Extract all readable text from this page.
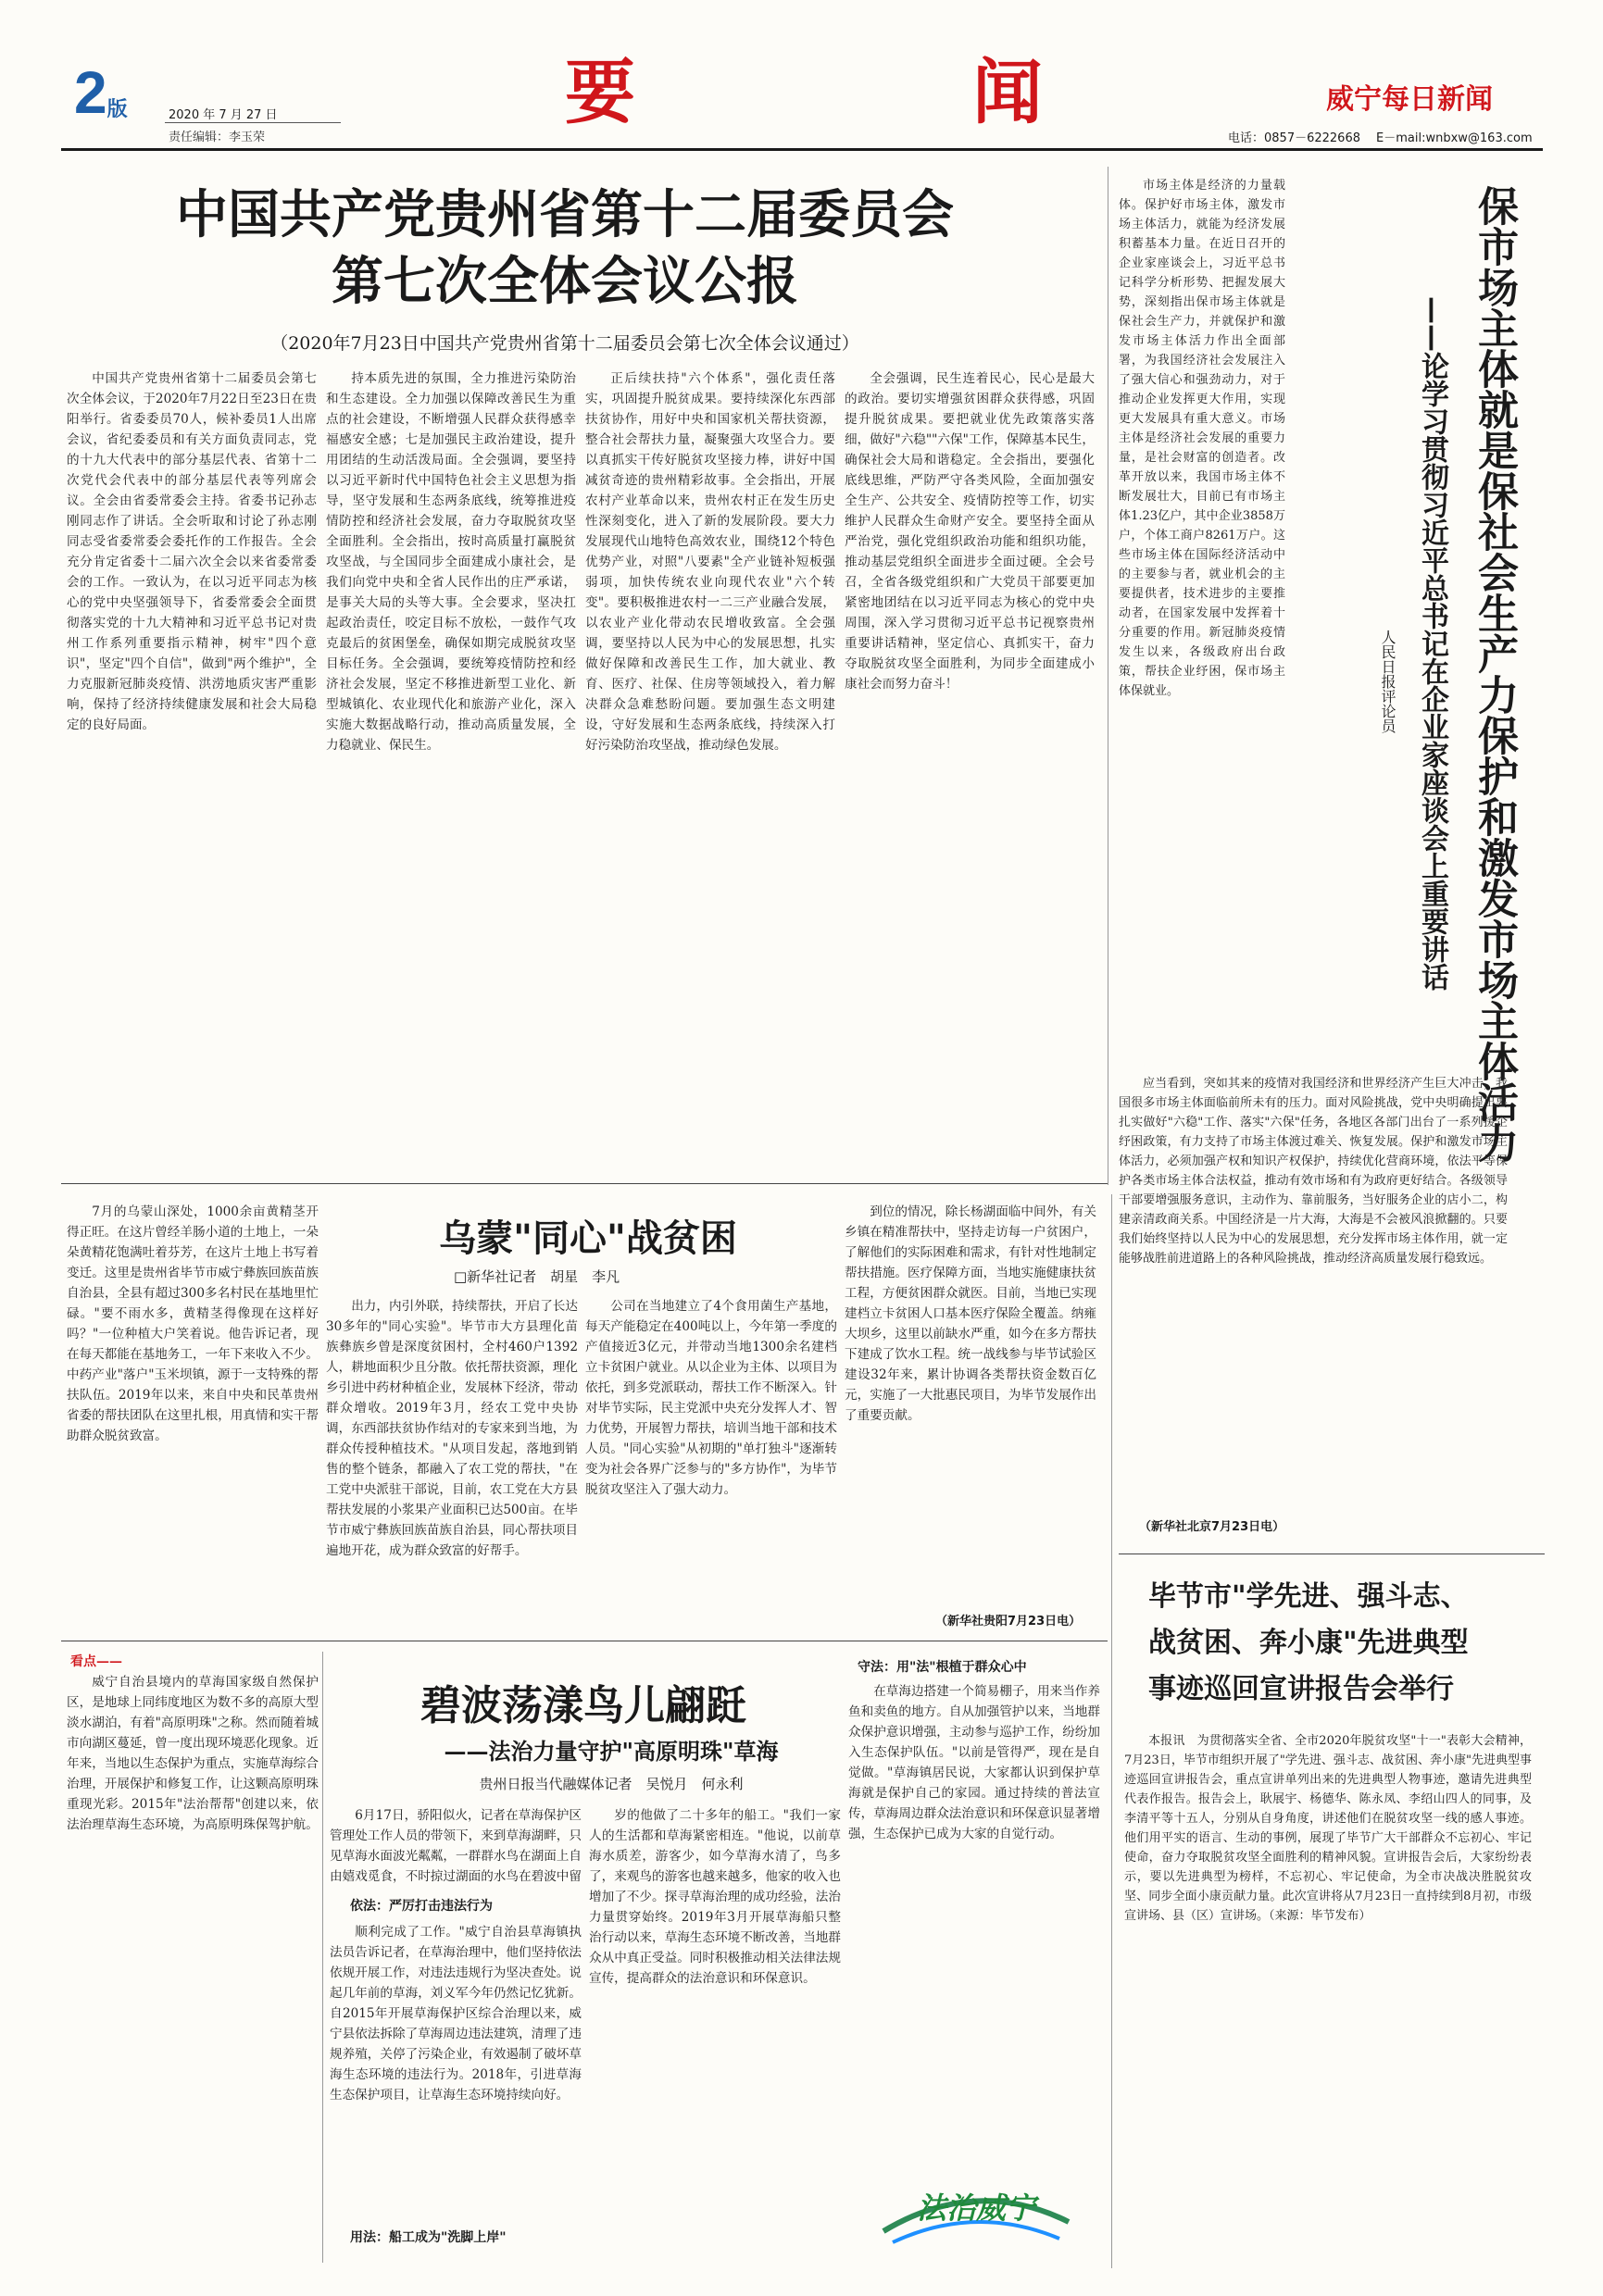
2版	2020 年 7 月 27 日
责任编辑：李玉荣
要	闻	威宁每日新闻
电话：0857－6222668 E－mail:wnbxw@163.com
中国共产党贵州省第十二届委员会
第七次全体会议公报
（2020年7月23日中国共产党贵州省第十二届委员会第七次全体会议通过）

中国共产党贵州省第十二届委员会第七次全体会议，于2020年7月22日至23日在贵阳举行。省委委员70人，候补委员1人出席会议，省纪委委员和有关方面负责同志，党的十九大代表中的部分基层代表、省第十二次党代会代表中的部分基层代表等列席会议。全会由省委常委会主持。省委书记孙志刚同志作了讲话。全会听取和讨论了孙志刚同志受省委常委会委托作的工作报告。全会充分肯定省委十二届六次全会以来省委常委会的工作。一致认为，在以习近平同志为核心的党中央坚强领导下，省委常委会全面贯彻落实党的十九大精神和习近平总书记对贵州工作系列重要指示精神，树牢"四个意识"，坚定"四个自信"，做到"两个维护"，全力克服新冠肺炎疫情、洪涝地质灾害严重影响，保持了经济持续健康发展和社会大局稳定的良好局面。

持本质先进的氛围，全力推进污染防治和生态建设。全力加强以保障改善民生为重点的社会建设，不断增强人民群众获得感幸福感安全感；七是加强民主政治建设，提升用团结的生动活泼局面。全会强调，要坚持以习近平新时代中国特色社会主义思想为指导，坚守发展和生态两条底线，统筹推进疫情防控和经济社会发展，奋力夺取脱贫攻坚全面胜利。全会指出，按时高质量打赢脱贫攻坚战，与全国同步全面建成小康社会，是我们向党中央和全省人民作出的庄严承诺，是事关大局的头等大事。全会要求，坚决扛起政治责任，咬定目标不放松，一鼓作气攻克最后的贫困堡垒，确保如期完成脱贫攻坚目标任务。全会强调，要统筹疫情防控和经济社会发展，坚定不移推进新型工业化、新型城镇化、农业现代化和旅游产业化，深入实施大数据战略行动，推动高质量发展，全力稳就业、保民生。

正后续扶持"六个体系"，强化责任落实，巩固提升脱贫成果。要持续深化东西部扶贫协作，用好中央和国家机关帮扶资源，整合社会帮扶力量，凝聚强大攻坚合力。要以真抓实干传好脱贫攻坚接力棒，讲好中国减贫奇迹的贵州精彩故事。全会指出，开展农村产业革命以来，贵州农村正在发生历史性深刻变化，进入了新的发展阶段。要大力发展现代山地特色高效农业，围绕12个特色优势产业，对照"八要素"全产业链补短板强弱项，加快传统农业向现代农业"六个转变"。要积极推进农村一二三产业融合发展，以农业产业化带动农民增收致富。全会强调，要坚持以人民为中心的发展思想，扎实做好保障和改善民生工作，加大就业、教育、医疗、社保、住房等领域投入，着力解决群众急难愁盼问题。要加强生态文明建设，守好发展和生态两条底线，持续深入打好污染防治攻坚战，推动绿色发展。

全会强调，民生连着民心，民心是最大的政治。要切实增强贫困群众获得感，巩固提升脱贫成果。要把就业优先政策落实落细，做好"六稳""六保"工作，保障基本民生，确保社会大局和谐稳定。全会指出，要强化底线思维，严防严守各类风险，全面加强安全生产、公共安全、疫情防控等工作，切实维护人民群众生命财产安全。要坚持全面从严治党，强化党组织政治功能和组织功能，推动基层党组织全面进步全面过硬。全会号召，全省各级党组织和广大党员干部要更加紧密地团结在以习近平同志为核心的党中央周围，深入学习贯彻习近平总书记视察贵州重要讲话精神，坚定信心、真抓实干，奋力夺取脱贫攻坚全面胜利，为同步全面建成小康社会而努力奋斗！

市场主体是经济的力量载体。保护好市场主体，激发市场主体活力，就能为经济发展积蓄基本力量。在近日召开的企业家座谈会上，习近平总书记科学分析形势、把握发展大势，深刻指出保市场主体就是保社会生产力，并就保护和激发市场主体活力作出全面部署，为我国经济社会发展注入了强大信心和强劲动力，对于推动企业发挥更大作用，实现更大发展具有重大意义。市场主体是经济社会发展的重要力量，是社会财富的创造者。改革开放以来，我国市场主体不断发展壮大，目前已有市场主体1.23亿户，其中企业3858万户，个体工商户8261万户。这些市场主体在国际经济活动中的主要参与者，就业机会的主要提供者，技术进步的主要推动者，在国家发展中发挥着十分重要的作用。新冠肺炎疫情发生以来，各级政府出台政策，帮扶企业纾困，保市场主体保就业。	保市场主体就是保社会生产力保护和激发市场主体活力
——论学习贯彻习近平总书记在企业家座谈会上重要讲话
人民日报评论员

应当看到，突如其来的疫情对我国经济和世界经济产生巨大冲击，我国很多市场主体面临前所未有的压力。面对风险挑战，党中央明确提出要扎实做好"六稳"工作、落实"六保"任务，各地区各部门出台了一系列援企纾困政策，有力支持了市场主体渡过难关、恢复发展。保护和激发市场主体活力，必须加强产权和知识产权保护，持续优化营商环境，依法平等保护各类市场主体合法权益，推动有效市场和有为政府更好结合。各级领导干部要增强服务意识，主动作为、靠前服务，当好服务企业的店小二，构建亲清政商关系。中国经济是一片大海，大海是不会被风浪掀翻的。只要我们始终坚持以人民为中心的发展思想，充分发挥市场主体作用，就一定能够战胜前进道路上的各种风险挑战，推动经济高质量发展行稳致远。

（新华社北京7月23日电）
毕节市"学先进、强斗志、
战贫困、奔小康"先进典型
事迹巡回宣讲报告会举行

本报讯　为贯彻落实全省、全市2020年脱贫攻坚"十一"表彰大会精神，7月23日，毕节市组织开展了"学先进、强斗志、战贫困、奔小康"先进典型事迹巡回宣讲报告会，重点宣讲单列出来的先进典型人物事迹，邀请先进典型代表作报告。报告会上，耿展宇、杨德华、陈永凤、李绍山四人的同事，及李清平等十五人，分别从自身角度，讲述他们在脱贫攻坚一线的感人事迹。他们用平实的语言、生动的事例，展现了毕节广大干部群众不忘初心、牢记使命，奋力夺取脱贫攻坚全面胜利的精神风貌。宣讲报告会后，大家纷纷表示，要以先进典型为榜样，不忘初心、牢记使命，为全市决战决胜脱贫攻坚、同步全面小康贡献力量。此次宣讲将从7月23日一直持续到8月初，市级宣讲场、县（区）宣讲场。（来源：毕节发布）

7月的乌蒙山深处，1000余亩黄精茎开得正旺。在这片曾经羊肠小道的土地上，一朵朵黄精花饱满吐着芬芳，在这片土地上书写着变迁。这里是贵州省毕节市威宁彝族回族苗族自治县，全县有超过300多名村民在基地里忙碌。"要不雨水多，黄精茎得像现在这样好吗？"一位种植大户笑着说。他告诉记者，现在每天都能在基地务工，一年下来收入不少。中药产业"落户"玉米坝镇，源于一支特殊的帮扶队伍。2019年以来，来自中央和民革贵州省委的帮扶团队在这里扎根，用真情和实干帮助群众脱贫致富。

乌蒙"同心"战贫困
□新华社记者　胡星　李凡

出力，内引外联，持续帮扶，开启了长达30多年的"同心实验"。毕节市大方县理化苗族彝族乡曾是深度贫困村，全村460户1392人，耕地面积少且分散。依托帮扶资源，理化乡引进中药材种植企业，发展林下经济，带动群众增收。2019年3月，经农工党中央协调，东西部扶贫协作结对的专家来到当地，为群众传授种植技术。"从项目发起，落地到销售的整个链条，都融入了农工党的帮扶，"在工党中央派驻干部说，目前，农工党在大方县帮扶发展的小浆果产业面积已达500亩。在毕节市威宁彝族回族苗族自治县，同心帮扶项目遍地开花，成为群众致富的好帮手。

公司在当地建立了4个食用菌生产基地，每天产能稳定在400吨以上，今年第一季度的产值接近3亿元，并带动当地1300余名建档立卡贫困户就业。从以企业为主体、以项目为依托，到多党派联动，帮扶工作不断深入。针对毕节实际，民主党派中央充分发挥人才、智力优势，开展智力帮扶，培训当地干部和技术人员。"同心实验"从初期的"单打独斗"逐渐转变为社会各界广泛参与的"多方协作"，为毕节脱贫攻坚注入了强大动力。

到位的情况，除长杨湖面临中间外，有关乡镇在精准帮扶中，坚持走访每一户贫困户，了解他们的实际困难和需求，有针对性地制定帮扶措施。医疗保障方面，当地实施健康扶贫工程，方便贫困群众就医。目前，当地已实现建档立卡贫困人口基本医疗保险全覆盖。纳雍大坝乡，这里以前缺水严重，如今在多方帮扶下建成了饮水工程。统一战线参与毕节试验区建设32年来，累计协调各类帮扶资金数百亿元，实施了一大批惠民项目，为毕节发展作出了重要贡献。

（新华社贵阳7月23日电）
看点——

威宁自治县境内的草海国家级自然保护区，是地球上同纬度地区为数不多的高原大型淡水湖泊，有着"高原明珠"之称。然而随着城市向湖区蔓延，曾一度出现环境恶化现象。近年来，当地以生态保护为重点，实施草海综合治理，开展保护和修复工作，让这颗高原明珠重现光彩。2015年"法治帮帮"创建以来，依法治理草海生态环境，为高原明珠保驾护航。

碧波荡漾鸟儿翩跹
——法治力量守护"高原明珠"草海
贵州日报当代融媒体记者　吴悦月　何永利
守法：用"法"根植于群众心中

6月17日，骄阳似火，记者在草海保护区管理处工作人员的带领下，来到草海湖畔，只见草海水面波光粼粼，一群群水鸟在湖面上自由嬉戏觅食，不时掠过湖面的水鸟在碧波中留

依法：严厉打击违法行为

顺利完成了工作。"威宁自治县草海镇执法员告诉记者，在草海治理中，他们坚持依法依规开展工作，对违法违规行为坚决查处。说起几年前的草海，刘义军今年仍然记忆犹新。自2015年开展草海保护区综合治理以来，威宁县依法拆除了草海周边违法建筑，清理了违规养殖，关停了污染企业，有效遏制了破坏草海生态环境的违法行为。2018年，引进草海生态保护项目，让草海生态环境持续向好。

用法：船工成为"洗脚上岸"

岁的他做了二十多年的船工。"我们一家人的生活都和草海紧密相连。"他说，以前草海水质差，游客少，如今草海水清了，鸟多了，来观鸟的游客也越来越多，他家的收入也增加了不少。探寻草海治理的成功经验，法治力量贯穿始终。2019年3月开展草海船只整治行动以来，草海生态环境不断改善，当地群众从中真正受益。同时积极推动相关法律法规宣传，提高群众的法治意识和环保意识。

在草海边搭建一个简易棚子，用来当作养鱼和卖鱼的地方。自从加强管护以来，当地群众保护意识增强，主动参与巡护工作，纷纷加入生态保护队伍。"以前是管得严，现在是自觉做。"草海镇居民说，大家都认识到保护草海就是保护自己的家园。通过持续的普法宣传，草海周边群众法治意识和环保意识显著增强，生态保护已成为大家的自觉行动。

法治威宁
